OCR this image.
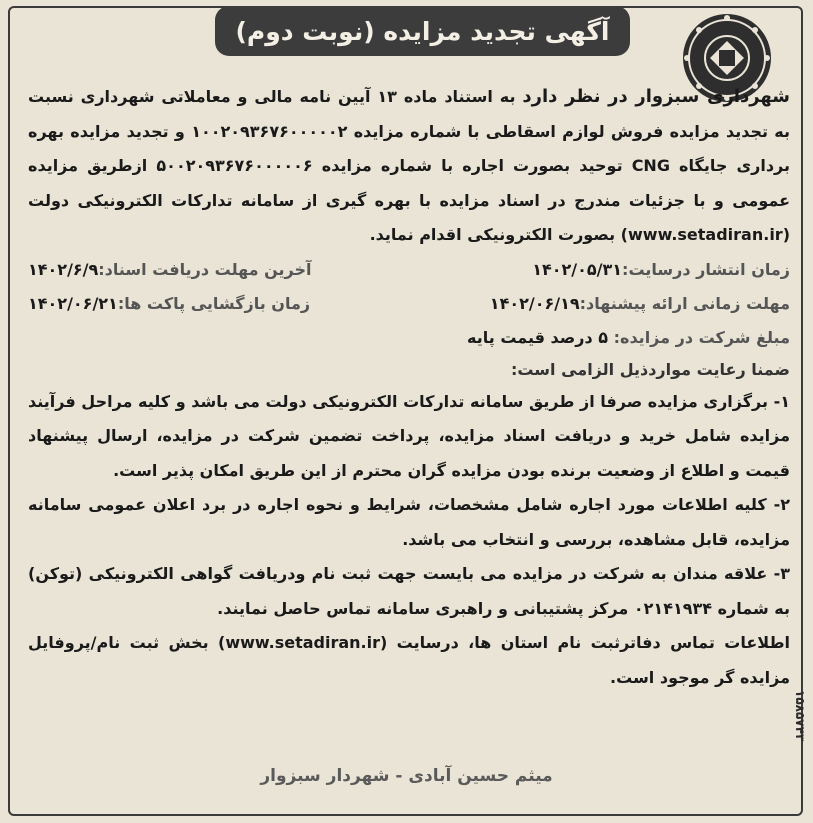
آگهی تجدید مزایده (نوبت دوم)

شهرداری سبزوار در نظر دارد به استناد ماده ۱۳ آیین نامه مالی و معاملاتی شهرداری نسبت به تجدید مزایده فروش لوازم اسقاطی با شماره مزایده ۱۰۰۲۰۹۳۶۷۶۰۰۰۰۰۲ و تجدید مزایده بهره برداری جایگاه CNG توحید بصورت اجاره با شماره مزایده ۵۰۰۲۰۹۳۶۷۶۰۰۰۰۰۶ ازطریق مزایده عمومی و با جزئیات مندرج در اسناد مزایده با بهره گیری از سامانه تدارکات الکترونیکی دولت (www.setadiran.ir) بصورت الکترونیکی اقدام نماید.

زمان انتشار درسایت:۱۴۰۲/۰۵/۳۱
آخرین مهلت دریافت اسناد:۱۴۰۲/۶/۹
مهلت زمانی ارائه پیشنهاد:۱۴۰۲/۰۶/۱۹
زمان بازگشایی پاکت ها:۱۴۰۲/۰۶/۲۱
مبلغ شرکت در مزایده: ۵ درصد قیمت پایه
ضمنا رعایت مواردذیل الزامی است:

۱- برگزاری مزایده صرفا از طریق سامانه تدارکات الکترونیکی دولت می باشد و کلیه مراحل فرآیند مزایده شامل خرید و دریافت اسناد مزایده، پرداخت تضمین شرکت در مزایده، ارسال پیشنهاد قیمت و اطلاع از وضعیت برنده بودن مزایده گران محترم از این طریق امکان پذیر است.

۲- کلیه اطلاعات مورد اجاره شامل مشخصات، شرایط و نحوه اجاره در برد اعلان عمومی سامانه مزایده، قابل مشاهده، بررسی و انتخاب می باشد.

۳- علاقه مندان به شرکت در مزایده می بایست جهت ثبت نام ودریافت گواهی الکترونیکی (توکن) به شماره ۰۲۱۴۱۹۳۴ مرکز پشتیبانی و راهبری سامانه تماس حاصل نمایند.

اطلاعات تماس دفاترثبت نام استان ها، درسایت (www.setadiran.ir) بخش ثبت نام/پروفایل مزایده گر موجود است.

میثم حسین آبادی - شهردار سبزوار
۱۵۸۵۷۴۳
